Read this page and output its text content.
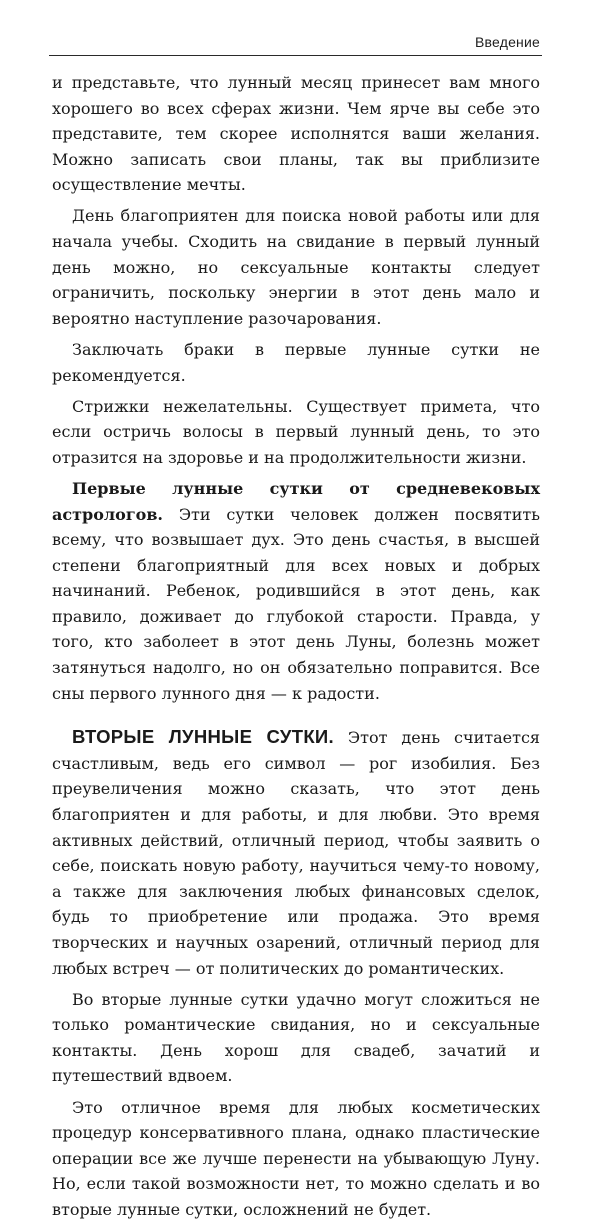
Введение

и представьте, что лунный месяц принесет вам много хорошего во всех сферах жизни. Чем ярче вы себе это представите, тем скорее исполнятся ваши желания. Можно записать свои планы, так вы приблизите осуществление мечты.

День благоприятен для поиска новой работы или для начала учебы. Сходить на свидание в первый лунный день можно, но сексуальные контакты следует ограничить, поскольку энергии в этот день мало и вероятно наступление разочарования.

Заключать браки в первые лунные сутки не рекомендуется.

Стрижки нежелательны. Существует примета, что если остричь волосы в первый лунный день, то это отразится на здоровье и на продолжительности жизни.

Первые лунные сутки от средневековых астрологов. Эти сутки человек должен посвятить всему, что возвышает дух. Это день счастья, в высшей степени благоприятный для всех новых и добрых начинаний. Ребенок, родившийся в этот день, как правило, доживает до глубокой старости. Правда, у того, кто заболеет в этот день Луны, болезнь может затянуться надолго, но он обязательно поправится. Все сны первого лунного дня — к радости.

ВТОРЫЕ ЛУННЫЕ СУТКИ. Этот день считается счастливым, ведь его символ — рог изобилия. Без преувеличения можно сказать, что этот день благоприятен и для работы, и для любви. Это время активных действий, отличный период, чтобы заявить о себе, поискать новую работу, научиться чему-то новому, а также для заключения любых финансовых сделок, будь то приобретение или продажа. Это время творческих и научных озарений, отличный период для любых встреч — от политических до романтических.

Во вторые лунные сутки удачно могут сложиться не только романтические свидания, но и сексуальные контакты. День хорош для свадеб, зачатий и путешествий вдвоем.

Это отличное время для любых косметических процедур консервативного плана, однако пластические операции все же лучше перенести на убывающую Луну. Но, если такой возможности нет, то можно сделать и во вторые лунные сутки, осложнений не будет.
